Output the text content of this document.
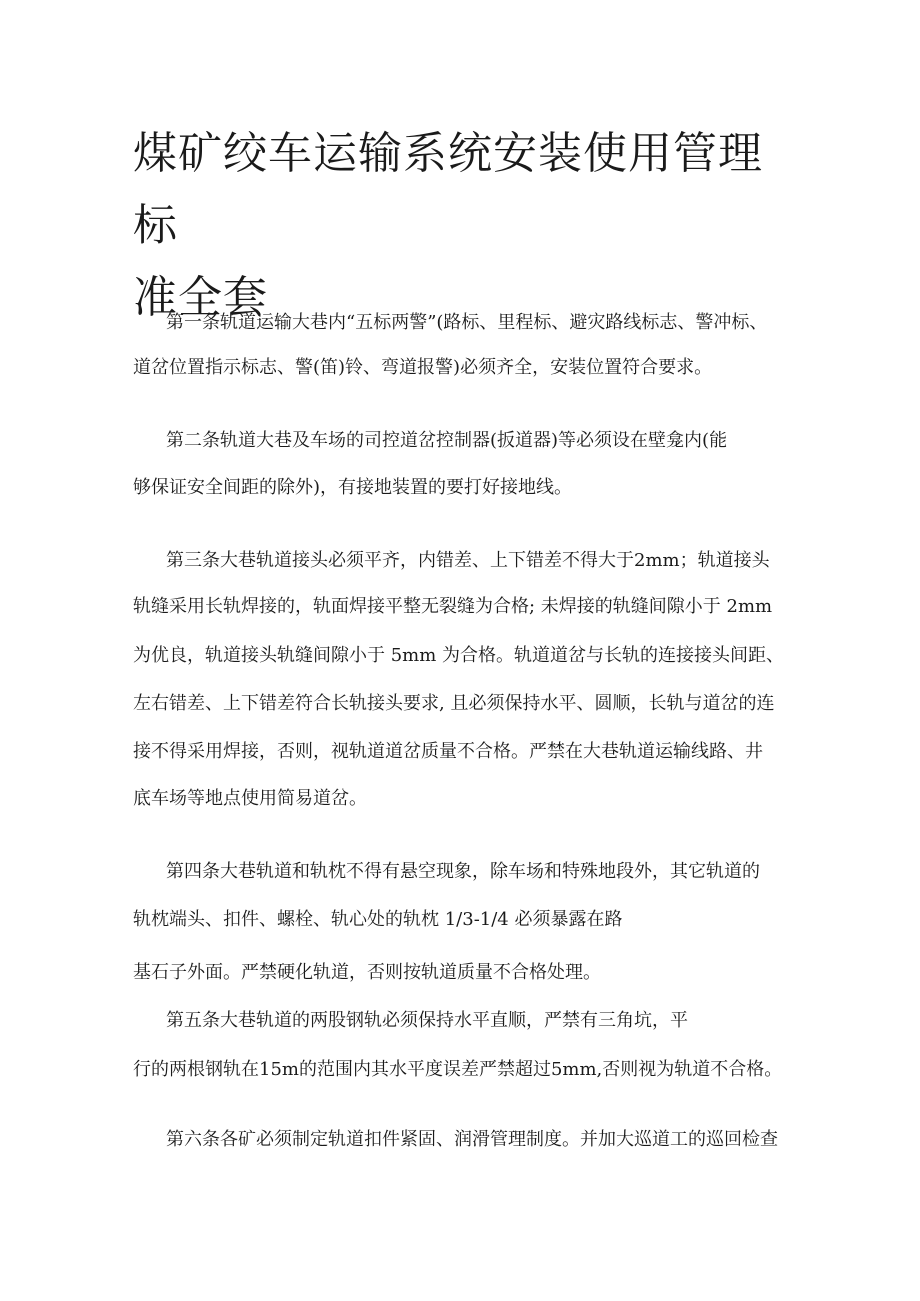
煤矿绞车运输系统安装使用管理标
准全套

第一条轨道运输大巷内“五标两警”(路标、里程标、避灾路线标志、警冲标、

道岔位置指示标志、警(笛)铃、弯道报警)必须齐全，安装位置符合要求。

第二条轨道大巷及车场的司控道岔控制器(扳道器)等必须设在壁龛内(能

够保证安全间距的除外)，有接地装置的要打好接地线。

第三条大巷轨道接头必须平齐，内错差、上下错差不得大于2mm；轨道接头

轨缝采用长轨焊接的，轨面焊接平整无裂缝为合格; 未焊接的轨缝间隙小于 2mm

为优良，轨道接头轨缝间隙小于 5mm 为合格。轨道道岔与长轨的连接接头间距、

左右错差、上下错差符合长轨接头要求, 且必须保持水平、圆顺，长轨与道岔的连

接不得采用焊接，否则，视轨道道岔质量不合格。严禁在大巷轨道运输线路、井

底车场等地点使用简易道岔。

第四条大巷轨道和轨枕不得有悬空现象，除车场和特殊地段外，其它轨道的

轨枕端头、扣件、螺栓、轨心处的轨枕 1/3-1/4 必须暴露在路

基石子外面。严禁硬化轨道，否则按轨道质量不合格处理。

第五条大巷轨道的两股钢轨必须保持水平直顺，严禁有三角坑，平

行的两根钢轨在15m的范围内其水平度误差严禁超过5mm,否则视为轨道不合格。

第六条各矿必须制定轨道扣件紧固、润滑管理制度。并加大巡道工的巡回检查
